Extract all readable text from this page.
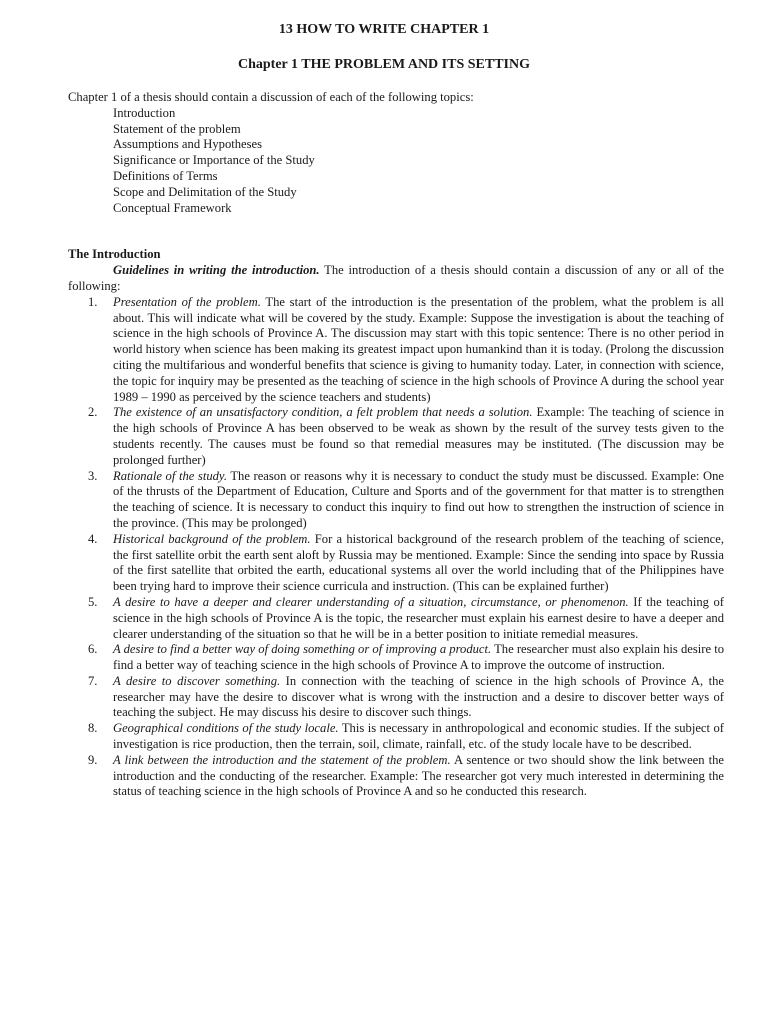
13 HOW TO WRITE CHAPTER 1
Chapter 1 THE PROBLEM AND ITS SETTING

Chapter 1 of a thesis should contain a discussion of each of the following topics:

Introduction
Statement of the problem
Assumptions and Hypotheses
Significance or Importance of the Study
Definitions of Terms
Scope and Delimitation of the Study
Conceptual Framework

The Introduction

Guidelines in writing the introduction. The introduction of a thesis should contain a discussion of any or all of the following:

1. Presentation of the problem. The start of the introduction is the presentation of the problem, what the problem is all about. This will indicate what will be covered by the study. Example: Suppose the investigation is about the teaching of science in the high schools of Province A. The discussion may start with this topic sentence: There is no other period in world history when science has been making its greatest impact upon humankind than it is today. (Prolong the discussion citing the multifarious and wonderful benefits that science is giving to humanity today. Later, in connection with science, the topic for inquiry may be presented as the teaching of science in the high schools of Province A during the school year 1989 – 1990 as perceived by the science teachers and students)
2. The existence of an unsatisfactory condition, a felt problem that needs a solution. Example: The teaching of science in the high schools of Province A has been observed to be weak as shown by the result of the survey tests given to the students recently. The causes must be found so that remedial measures may be instituted. (The discussion may be prolonged further)
3. Rationale of the study. The reason or reasons why it is necessary to conduct the study must be discussed. Example: One of the thrusts of the Department of Education, Culture and Sports and of the government for that matter is to strengthen the teaching of science. It is necessary to conduct this inquiry to find out how to strengthen the instruction of science in the province. (This may be prolonged)
4. Historical background of the problem. For a historical background of the research problem of the teaching of science, the first satellite orbit the earth sent aloft by Russia may be mentioned. Example: Since the sending into space by Russia of the first satellite that orbited the earth, educational systems all over the world including that of the Philippines have been trying hard to improve their science curricula and instruction. (This can be explained further)
5. A desire to have a deeper and clearer understanding of a situation, circumstance, or phenomenon. If the teaching of science in the high schools of Province A is the topic, the researcher must explain his earnest desire to have a deeper and clearer understanding of the situation so that he will be in a better position to initiate remedial measures.
6. A desire to find a better way of doing something or of improving a product. The researcher must also explain his desire to find a better way of teaching science in the high schools of Province A to improve the outcome of instruction.
7. A desire to discover something. In connection with the teaching of science in the high schools of Province A, the researcher may have the desire to discover what is wrong with the instruction and a desire to discover better ways of teaching the subject. He may discuss his desire to discover such things.
8. Geographical conditions of the study locale. This is necessary in anthropological and economic studies. If the subject of investigation is rice production, then the terrain, soil, climate, rainfall, etc. of the study locale have to be described.
9. A link between the introduction and the statement of the problem. A sentence or two should show the link between the introduction and the conducting of the researcher. Example: The researcher got very much interested in determining the status of teaching science in the high schools of Province A and so he conducted this research.
